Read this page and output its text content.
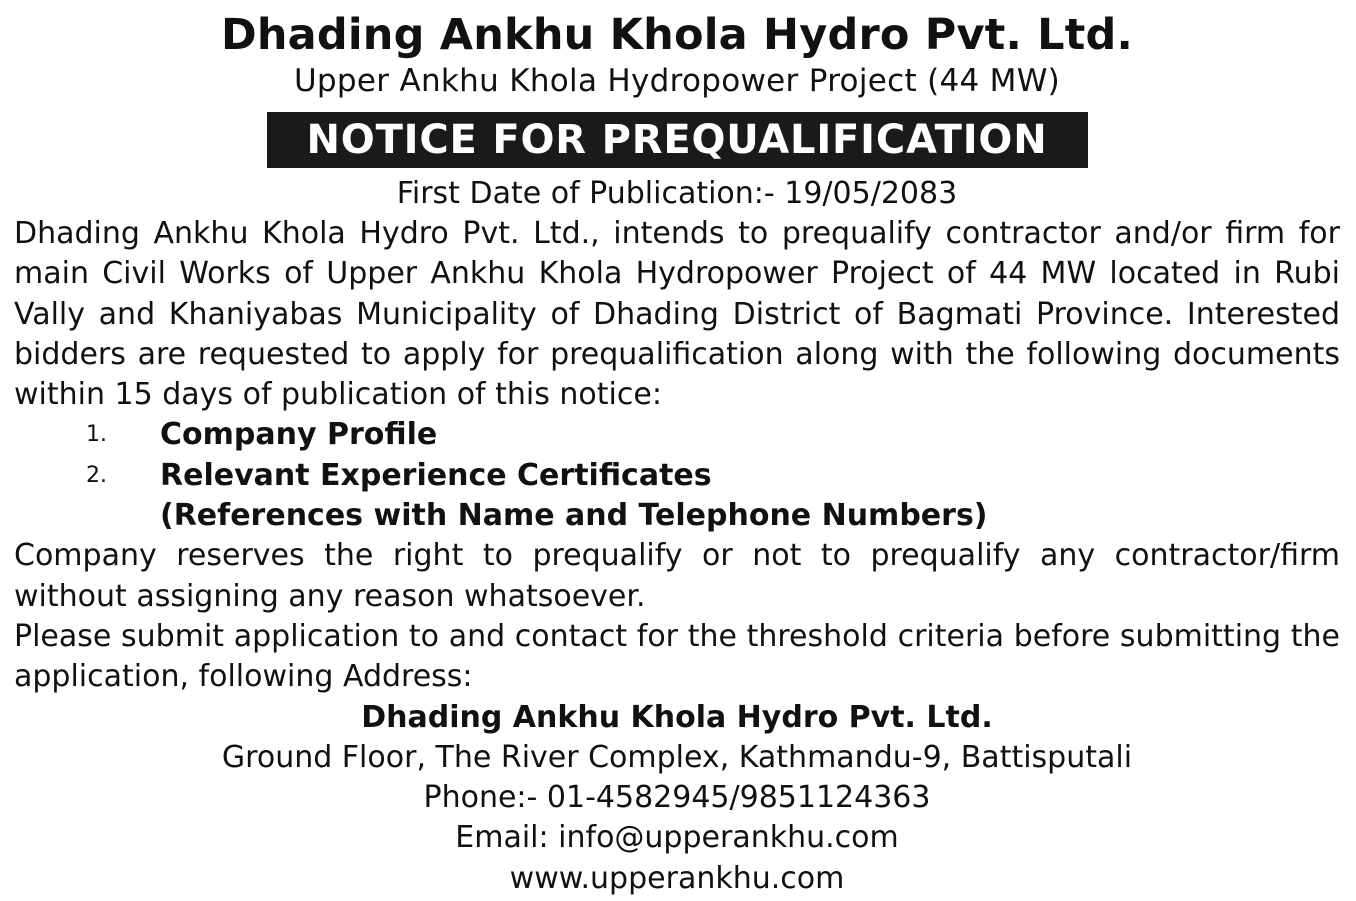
Dhading Ankhu Khola Hydro Pvt. Ltd.

Upper Ankhu Khola Hydropower Project (44 MW)

NOTICE FOR PREQUALIFICATION

First Date of Publication:- 19/05/2083

Dhading Ankhu Khola Hydro Pvt. Ltd., intends to prequalify contractor and/or firm for main Civil Works of Upper Ankhu Khola Hydropower Project of 44 MW located in Rubi Vally and Khaniyabas Municipality of Dhading District of Bagmati Province. Interested bidders are requested to apply for prequalification along with the following documents within 15 days of publication of this notice:

1. Company Profile
2. Relevant Experience Certificates
(References with Name and Telephone Numbers)

Company reserves the right to prequalify or not to prequalify any contractor/firm without assigning any reason whatsoever.

Please submit application to and contact for the threshold criteria before submitting the application, following Address:

Dhading Ankhu Khola Hydro Pvt. Ltd.

Ground Floor, The River Complex, Kathmandu-9, Battisputali

Phone:- 01-4582945/9851124363

Email: info@upperankhu.com

www.upperankhu.com
